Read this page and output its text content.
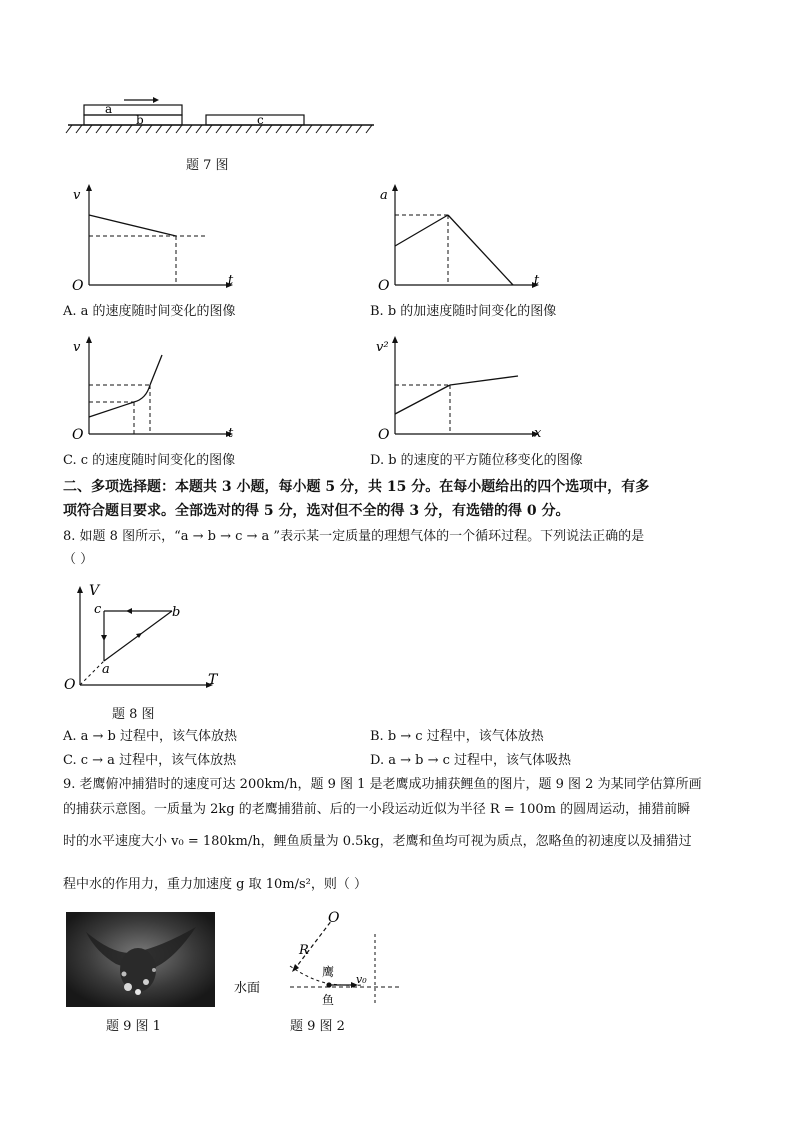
a
b	c
题 7 图
v
t
O
A. a 的速度随时间变化的图像
a
t
O
B. b 的加速度随时间变化的图像
v
t
O
C. c 的速度随时间变化的图像
v²
x
O
D. b 的速度的平方随位移变化的图像
二、多项选择题：本题共 3 小题，每小题 5 分，共 15 分。在每小题给出的四个选项中，有多
项符合题目要求。全部选对的得 5 分，选对但不全的得 3 分，有选错的得 0 分。
8. 如题 8 图所示，“a → b → c → a ”表示某一定质量的理想气体的一个循环过程。下列说法正确的是
（ ）
V
T
O
c	b
a
题 8 图
A. a → b 过程中，该气体放热	B. b → c 过程中，该气体放热
C. c → a 过程中，该气体放热	D. a → b → c 过程中，该气体吸热
9. 老鹰俯冲捕猎时的速度可达 200km/h，题 9 图 1 是老鹰成功捕获鲤鱼的图片，题 9 图 2 为某同学估算所画
的捕获示意图。一质量为 2kg 的老鹰捕猎前、后的一小段运动近似为半径 R = 100m 的圆周运动，捕猎前瞬
时的水平速度大小 v₀ = 180km/h，鲤鱼质量为 0.5kg，老鹰和鱼均可视为质点，忽略鱼的初速度以及捕猎过
程中水的作用力，重力加速度 g 取 10m/s²，则（ ）
题 9 图 1
O
R
鹰
鱼
v₀
水面
题 9 图 2
